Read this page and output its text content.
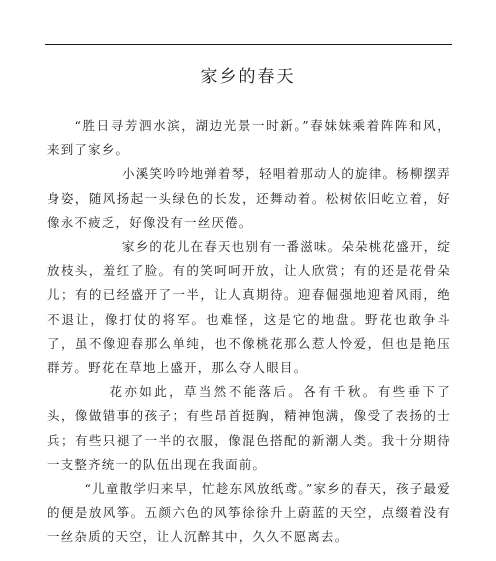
家乡的春天

“胜日寻芳泗水滨，湖边光景一时新。”春妹妹乘着阵阵和风，来到了家乡。

小溪笑吟吟地弹着琴，轻唱着那动人的旋律。杨柳摆弄身姿，随风扬起一头绿色的长发，还舞动着。松树依旧屹立着，好像永不疲乏，好像没有一丝厌倦。

家乡的花儿在春天也别有一番滋味。朵朵桃花盛开，绽放枝头，羞红了脸。有的笑呵呵开放，让人欣赏；有的还是花骨朵儿；有的已经盛开了一半，让人真期待。迎春倔强地迎着风雨，绝不退让，像打仗的将军。也难怪，这是它的地盘。野花也敢争斗了，虽不像迎春那么单纯，也不像桃花那么惹人怜爱，但也是艳压群芳。野花在草地上盛开，那么夺人眼目。

花亦如此，草当然不能落后。各有千秋。有些垂下了头，像做错事的孩子；有些昂首挺胸，精神饱满，像受了表扬的士兵；有些只褪了一半的衣服，像混色搭配的新潮人类。我十分期待一支整齐统一的队伍出现在我面前。

“儿童散学归来早，忙趁东风放纸鸢。”家乡的春天，孩子最爱的便是放风筝。五颜六色的风筝徐徐升上蔚蓝的天空，点缀着没有一丝杂质的天空，让人沉醉其中，久久不愿离去。
